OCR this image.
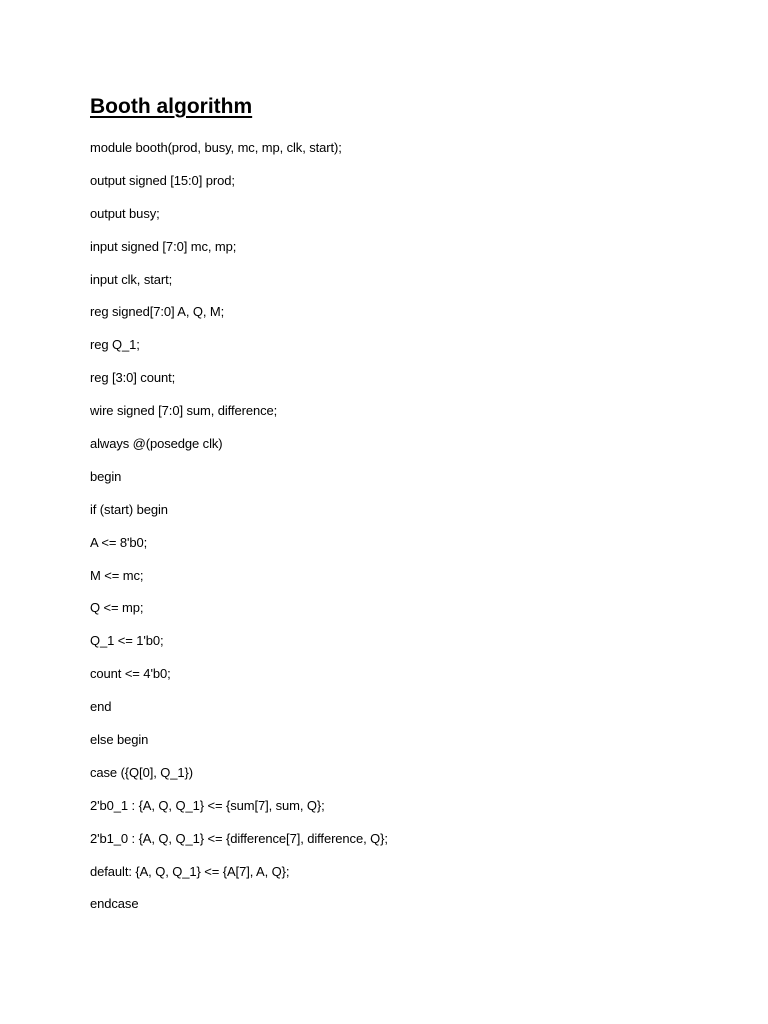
Booth algorithm
module booth(prod, busy, mc, mp, clk, start);
output signed [15:0] prod;
output busy;
input signed [7:0] mc, mp;
input clk, start;
reg signed[7:0] A, Q, M;
reg Q_1;
reg [3:0] count;
wire signed [7:0] sum, difference;
always @(posedge clk)
begin
if (start) begin
A <= 8'b0;
M <= mc;
Q <= mp;
Q_1 <= 1'b0;
count <= 4'b0;
end
else begin
case ({Q[0], Q_1})
2'b0_1 : {A, Q, Q_1} <= {sum[7], sum, Q};
2'b1_0 : {A, Q, Q_1} <= {difference[7], difference, Q};
default: {A, Q, Q_1} <= {A[7], A, Q};
endcase
